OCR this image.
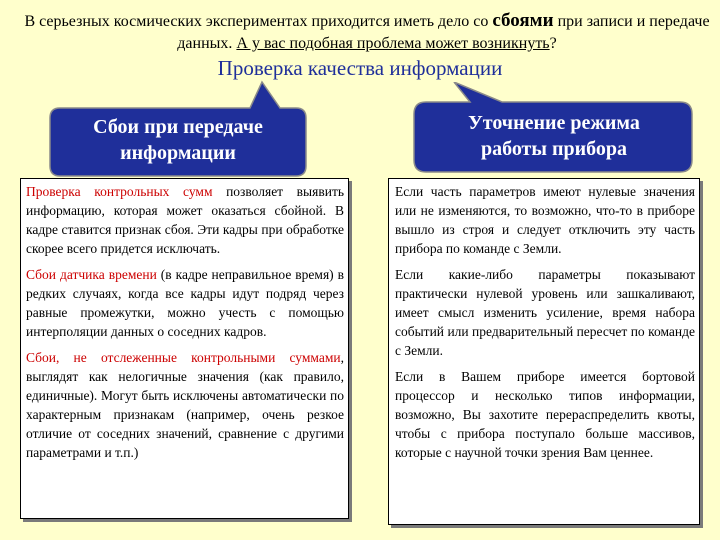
В серьезных космических экспериментах приходится иметь дело со сбоями при записи и передаче данных. А у вас подобная проблема может возникнуть?
Проверка качества информации
Сбои при передаче
информации
Уточнение режима
работы прибора

Проверка контрольных сумм позволяет выявить информацию, которая может оказаться сбойной. В кадре ставится признак сбоя. Эти кадры при обработке скорее всего придется исключать.

Сбои датчика времени (в кадре неправильное время) в редких случаях, когда все кадры идут подряд через равные промежутки, можно учесть с помощью интерполяции данных о соседних кадров.

Сбои, не отслеженные контрольными суммами, выглядят как нелогичные значения (как правило, единичные). Могут быть исключены автоматически по характерным признакам (например, очень резкое отличие от соседних значений, сравнение с другими параметрами и т.п.)

Если часть параметров имеют нулевые значения или не изменяются, то возможно, что-то в приборе вышло из строя и следует отключить эту часть прибора по команде с Земли.

Если какие-либо параметры показывают практически нулевой уровень или зашкаливают, имеет смысл изменить усиление, время набора событий или предварительный пересчет по команде с Земли.

Если в Вашем приборе имеется бортовой процессор и несколько типов информации, возможно, Вы захотите перераспределить квоты, чтобы с прибора поступало больше массивов, которые с научной точки зрения Вам ценнее.
